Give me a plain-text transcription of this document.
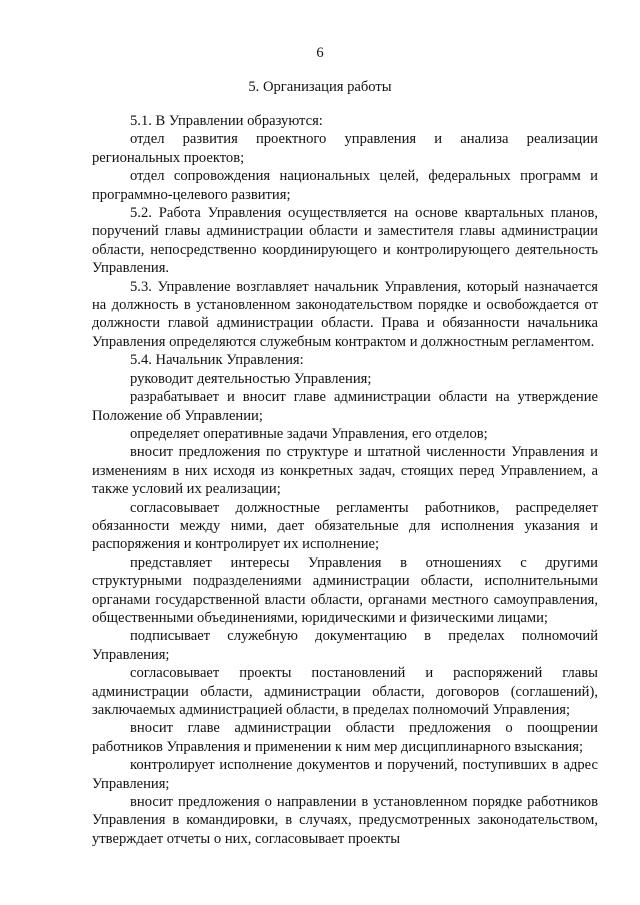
6
5. Организация работы

5.1. В Управлении образуются:

отдел развития проектного управления и анализа реализации региональных проектов;

отдел сопровождения национальных целей, федеральных программ и программно-целевого развития;

5.2. Работа Управления осуществляется на основе квартальных планов, поручений главы администрации области и заместителя главы администрации области, непосредственно координирующего и контролирующего деятельность Управления.

5.3. Управление возглавляет начальник Управления, который назначается на должность в установленном законодательством порядке и освобождается от должности главой администрации области. Права и обязанности начальника Управления определяются служебным контрактом и должностным регламентом.

5.4. Начальник Управления:

руководит деятельностью Управления;

разрабатывает и вносит главе администрации области на утверждение Положение об Управлении;

определяет оперативные задачи Управления, его отделов;

вносит предложения по структуре и штатной численности Управления и изменениям в них исходя из конкретных задач, стоящих перед Управлением, а также условий их реализации;

согласовывает должностные регламенты работников, распределяет обязанности между ними, дает обязательные для исполнения указания и распоряжения и контролирует их исполнение;

представляет интересы Управления в отношениях с другими структурными подразделениями администрации области, исполнительными органами государственной власти области, органами местного самоуправления, общественными объединениями, юридическими и физическими лицами;

подписывает служебную документацию в пределах полномочий Управления;

согласовывает проекты постановлений и распоряжений главы администрации области, администрации области, договоров (соглашений), заключаемых администрацией области, в пределах полномочий Управления;

вносит главе администрации области предложения о поощрении работников Управления и применении к ним мер дисциплинарного взыскания;

контролирует исполнение документов и поручений, поступивших в адрес Управления;

вносит предложения о направлении в установленном порядке работников Управления в командировки, в случаях, предусмотренных законодательством, утверждает отчеты о них, согласовывает проекты
